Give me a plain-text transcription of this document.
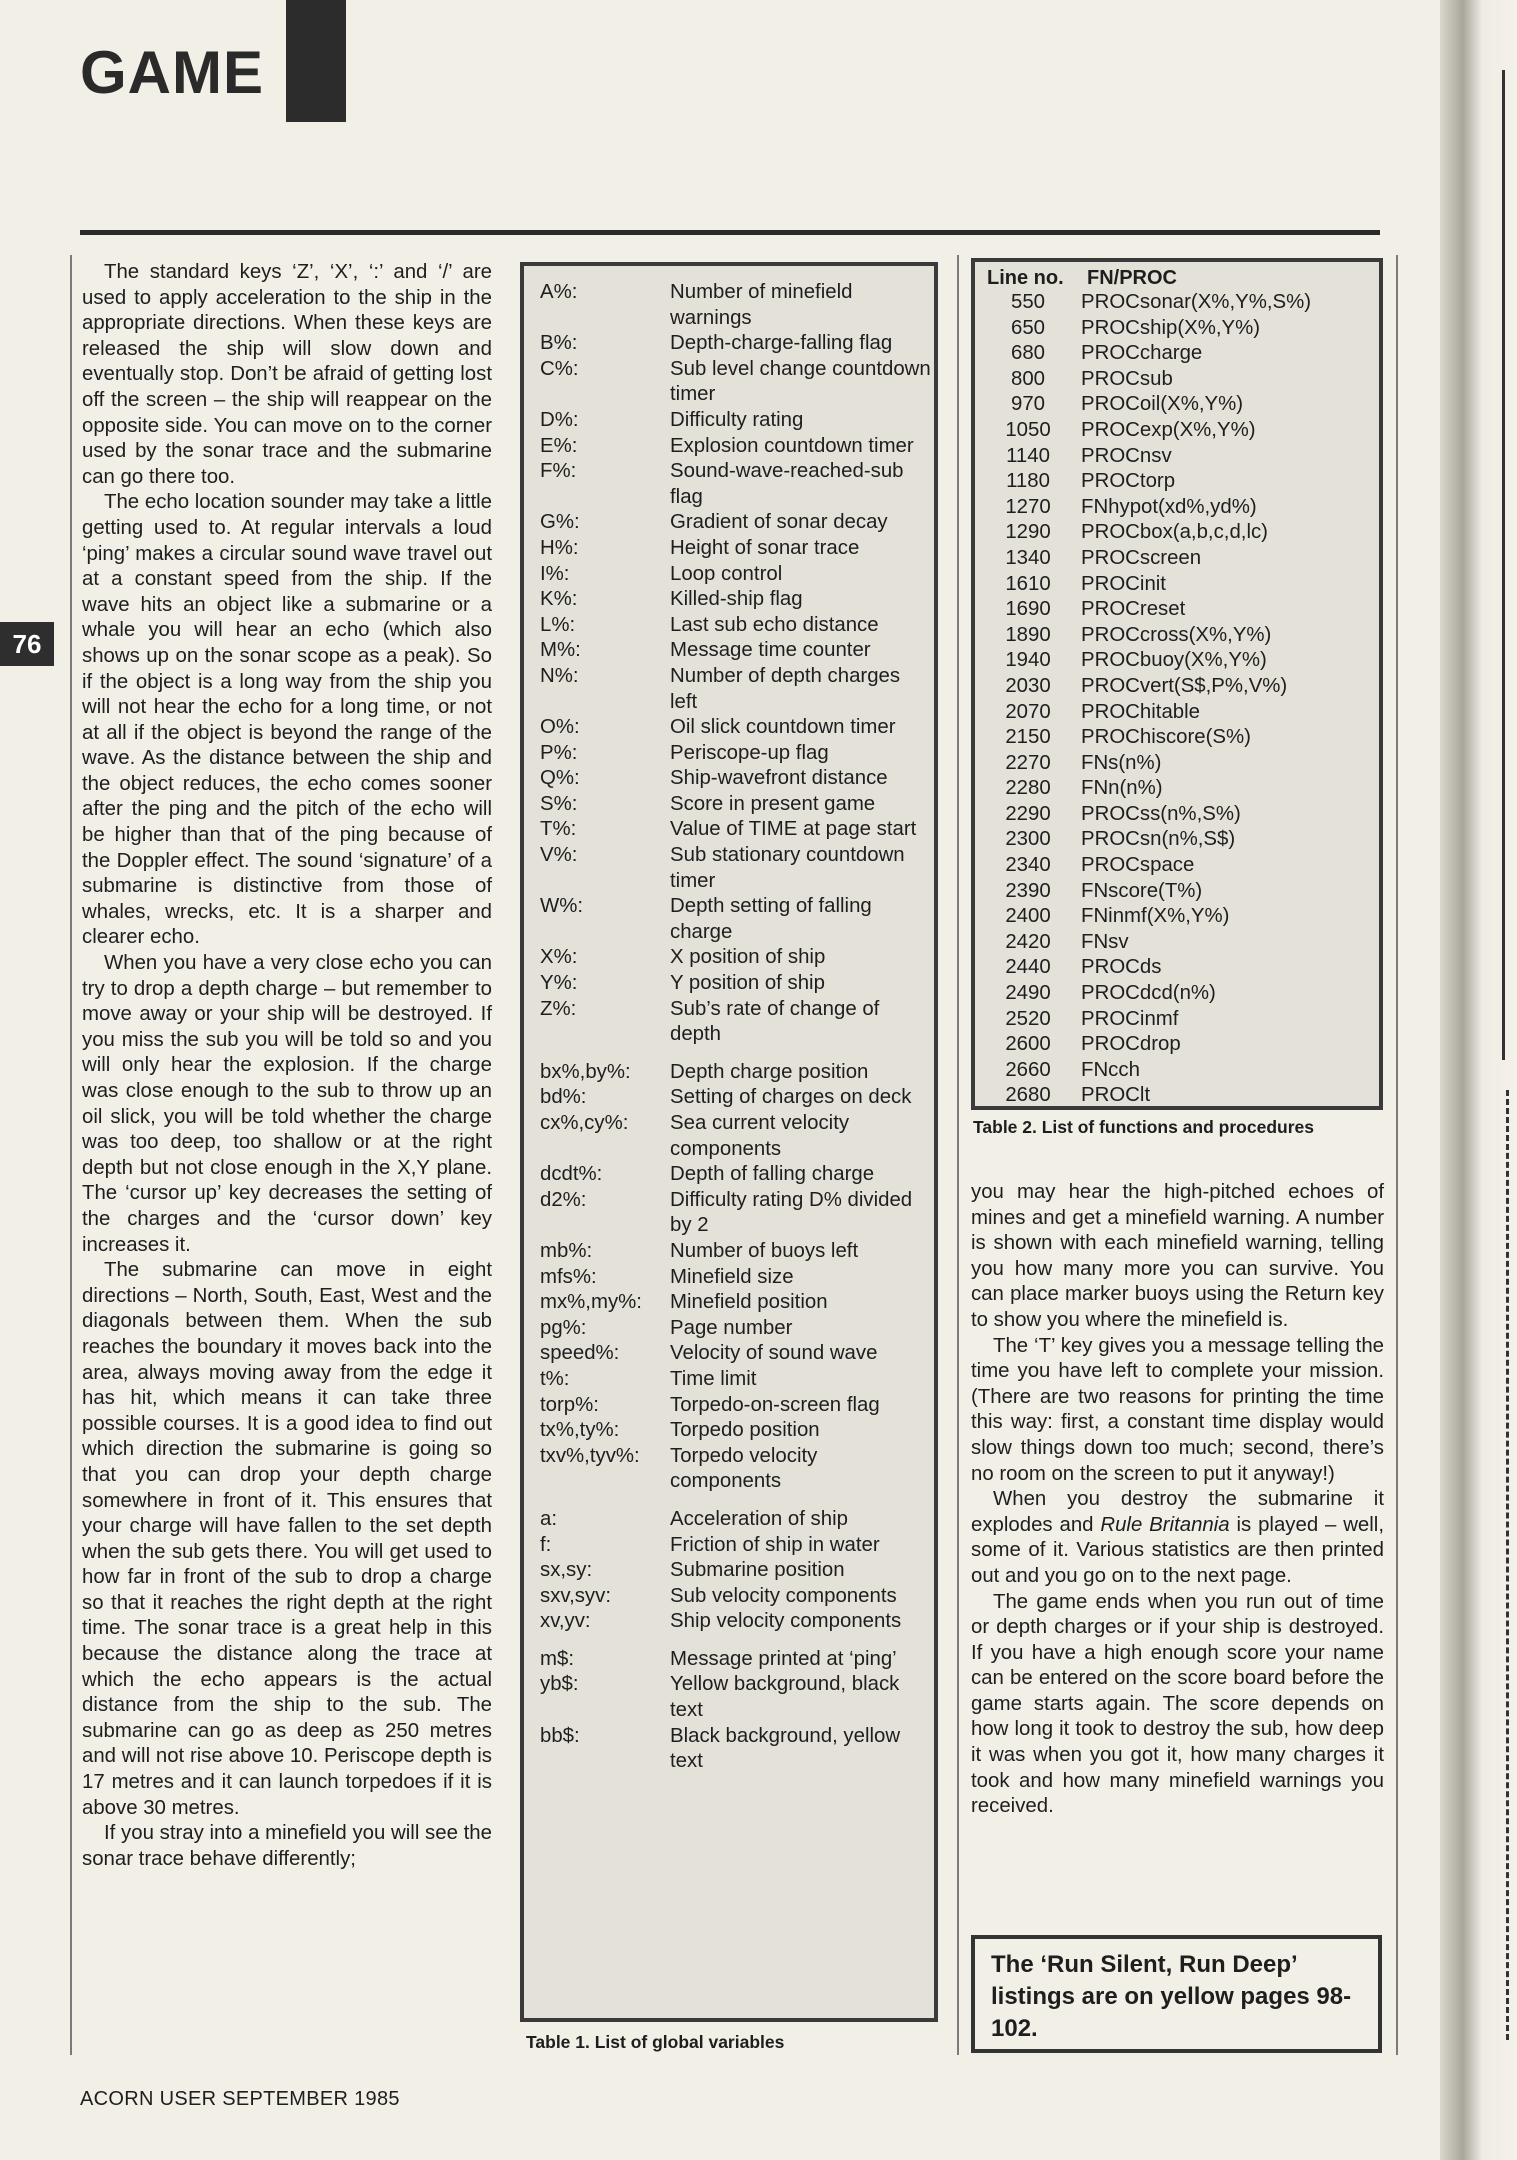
GAME
76

The standard keys ‘Z’, ‘X’, ‘:’ and ‘/’ are used to apply acceleration to the ship in the appropriate directions. When these keys are released the ship will slow down and eventually stop. Don’t be afraid of getting lost off the screen – the ship will reappear on the opposite side. You can move on to the corner used by the sonar trace and the submarine can go there too.

The echo location sounder may take a little getting used to. At regular intervals a loud ‘ping’ makes a circular sound wave travel out at a constant speed from the ship. If the wave hits an object like a submarine or a whale you will hear an echo (which also shows up on the sonar scope as a peak). So if the object is a long way from the ship you will not hear the echo for a long time, or not at all if the object is beyond the range of the wave. As the distance between the ship and the object reduces, the echo comes sooner after the ping and the pitch of the echo will be higher than that of the ping because of the Doppler effect. The sound ‘signature’ of a submarine is distinctive from those of whales, wrecks, etc. It is a sharper and clearer echo.

When you have a very close echo you can try to drop a depth charge – but remember to move away or your ship will be destroyed. If you miss the sub you will be told so and you will only hear the explosion. If the charge was close enough to the sub to throw up an oil slick, you will be told whether the charge was too deep, too shallow or at the right depth but not close enough in the X,Y plane. The ‘cursor up’ key decreases the setting of the charges and the ‘cursor down’ key increases it.

The submarine can move in eight directions – North, South, East, West and the diagonals between them. When the sub reaches the boundary it moves back into the area, always moving away from the edge it has hit, which means it can take three possible courses. It is a good idea to find out which direction the submarine is going so that you can drop your depth charge somewhere in front of it. This ensures that your charge will have fallen to the set depth when the sub gets there. You will get used to how far in front of the sub to drop a charge so that it reaches the right depth at the right time. The sonar trace is a great help in this because the distance along the trace at which the echo appears is the actual distance from the ship to the sub. The submarine can go as deep as 250 metres and will not rise above 10. Periscope depth is 17 metres and it can launch torpedoes if it is above 30 metres.

If you stray into a minefield you will see the sonar trace behave differently;

A%:	Number of minefield warnings
B%:	Depth-charge-falling flag
C%:	Sub level change countdown timer
D%:	Difficulty rating
E%:	Explosion countdown timer
F%:	Sound-wave-reached-sub flag
G%:	Gradient of sonar decay
H%:	Height of sonar trace
I%:	Loop control
K%:	Killed-ship flag
L%:	Last sub echo distance
M%:	Message time counter
N%:	Number of depth charges left
O%:	Oil slick countdown timer
P%:	Periscope-up flag
Q%:	Ship-wavefront distance
S%:	Score in present game
T%:	Value of TIME at page start
V%:	Sub stationary countdown timer
W%:	Depth setting of falling charge
X%:	X position of ship
Y%:	Y position of ship
Z%:	Sub’s rate of change of depth
bx%,by%:	Depth charge position
bd%:	Setting of charges on deck
cx%,cy%:	Sea current velocity components
dcdt%:	Depth of falling charge
d2%:	Difficulty rating D% divided by 2
mb%:	Number of buoys left
mfs%:	Minefield size
mx%,my%:	Minefield position
pg%:	Page number
speed%:	Velocity of sound wave
t%:	Time limit
torp%:	Torpedo-on-screen flag
tx%,ty%:	Torpedo position
txv%,tyv%:	Torpedo velocity components
a:	Acceleration of ship
f:	Friction of ship in water
sx,sy:	Submarine position
sxv,syv:	Sub velocity components
xv,yv:	Ship velocity components
m$:	Message printed at ‘ping’
yb$:	Yellow background, black text
bb$:	Black background, yellow text
Table 1. List of global variables
Line no.	FN/PROC
550	PROCsonar(X%,Y%,S%)
650	PROCship(X%,Y%)
680	PROCcharge
800	PROCsub
970	PROCoil(X%,Y%)
1050	PROCexp(X%,Y%)
1140	PROCnsv
1180	PROCtorp
1270	FNhypot(xd%,yd%)
1290	PROCbox(a,b,c,d,lc)
1340	PROCscreen
1610	PROCinit
1690	PROCreset
1890	PROCcross(X%,Y%)
1940	PROCbuoy(X%,Y%)
2030	PROCvert(S$,P%,V%)
2070	PROChitable
2150	PROChiscore(S%)
2270	FNs(n%)
2280	FNn(n%)
2290	PROCss(n%,S%)
2300	PROCsn(n%,S$)
2340	PROCspace
2390	FNscore(T%)
2400	FNinmf(X%,Y%)
2420	FNsv
2440	PROCds
2490	PROCdcd(n%)
2520	PROCinmf
2600	PROCdrop
2660	FNcch
2680	PROClt
Table 2. List of functions and procedures

you may hear the high-pitched echoes of mines and get a minefield warning. A number is shown with each minefield warning, telling you how many more you can survive. You can place marker buoys using the Return key to show you where the minefield is.

The ‘T’ key gives you a message telling the time you have left to complete your mission. (There are two reasons for printing the time this way: first, a constant time display would slow things down too much; second, there’s no room on the screen to put it anyway!)

When you destroy the submarine it explodes and Rule Britannia is played – well, some of it. Various statistics are then printed out and you go on to the next page.

The game ends when you run out of time or depth charges or if your ship is destroyed. If you have a high enough score your name can be entered on the score board before the game starts again. The score depends on how long it took to destroy the sub, how deep it was when you got it, how many charges it took and how many minefield warnings you received.

The ‘Run Silent, Run Deep’ listings are on yellow pages 98-102.
ACORN USER SEPTEMBER 1985
